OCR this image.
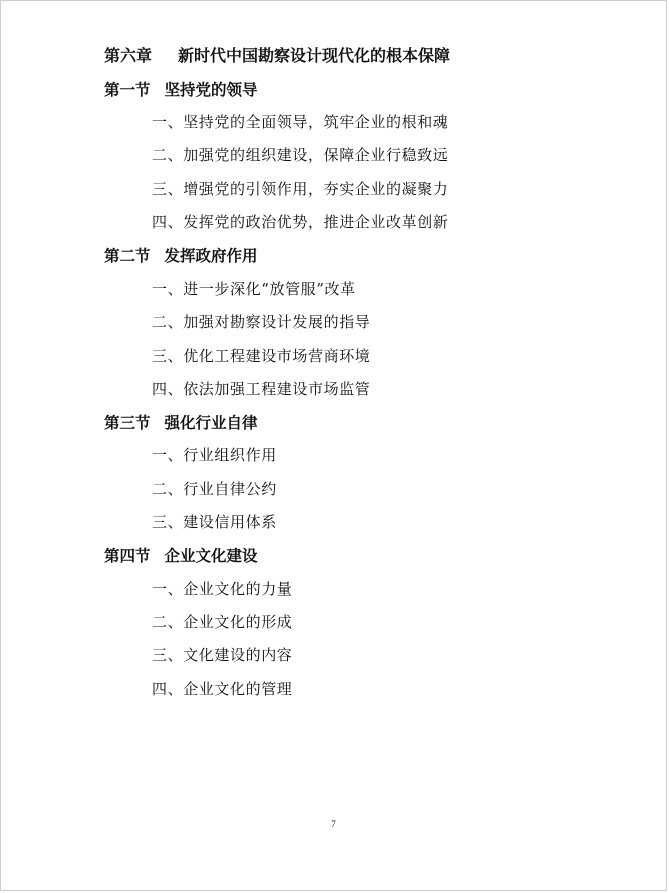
第六章 新时代中国勘察设计现代化的根本保障
第一节 坚持党的领导
一、坚持党的全面领导，筑牢企业的根和魂
二、加强党的组织建设，保障企业行稳致远
三、增强党的引领作用，夯实企业的凝聚力
四、发挥党的政治优势，推进企业改革创新
第二节 发挥政府作用
一、进一步深化“放管服”改革
二、加强对勘察设计发展的指导
三、优化工程建设市场营商环境
四、依法加强工程建设市场监管
第三节 强化行业自律
一、行业组织作用
二、行业自律公约
三、建设信用体系
第四节 企业文化建设
一、企业文化的力量
二、企业文化的形成
三、文化建设的内容
四、企业文化的管理
7
